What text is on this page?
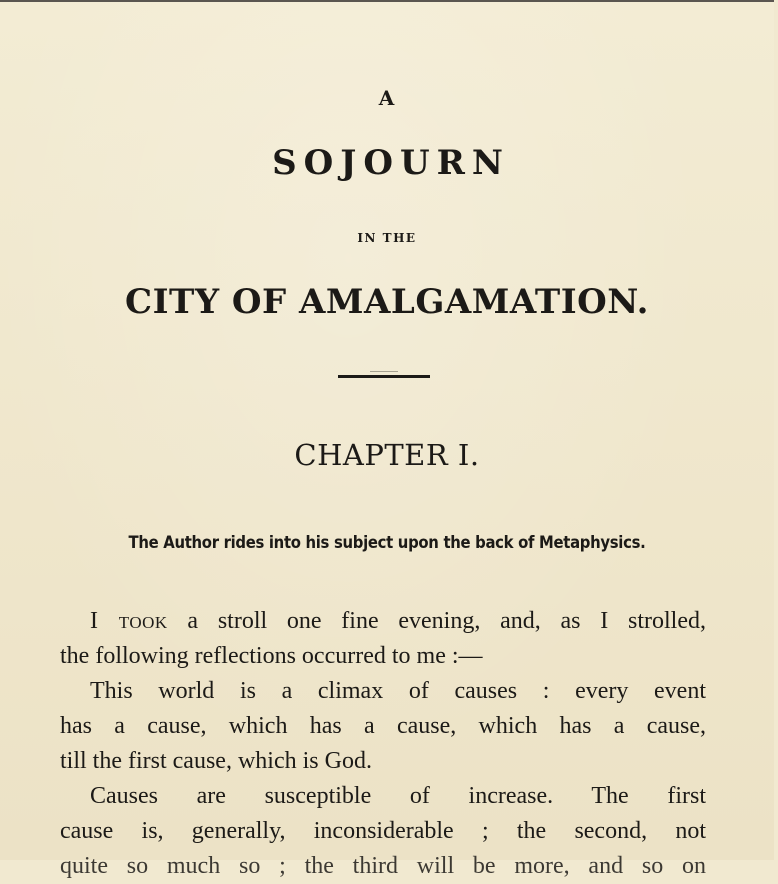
A
SOJOURN
IN THE
CITY OF AMALGAMATION.
CHAPTER I.
The Author rides into his subject upon the back of Metaphysics.

I took a stroll one fine evening, and, as I strolled,
the following reflections occurred to me :—

This world is a climax of causes : every event
has a cause, which has a cause, which has a cause,
till the first cause, which is God.

Causes are susceptible of increase. The first
cause is, generally, inconsiderable ; the second, not
quite so much so ; the third will be more, and so on
